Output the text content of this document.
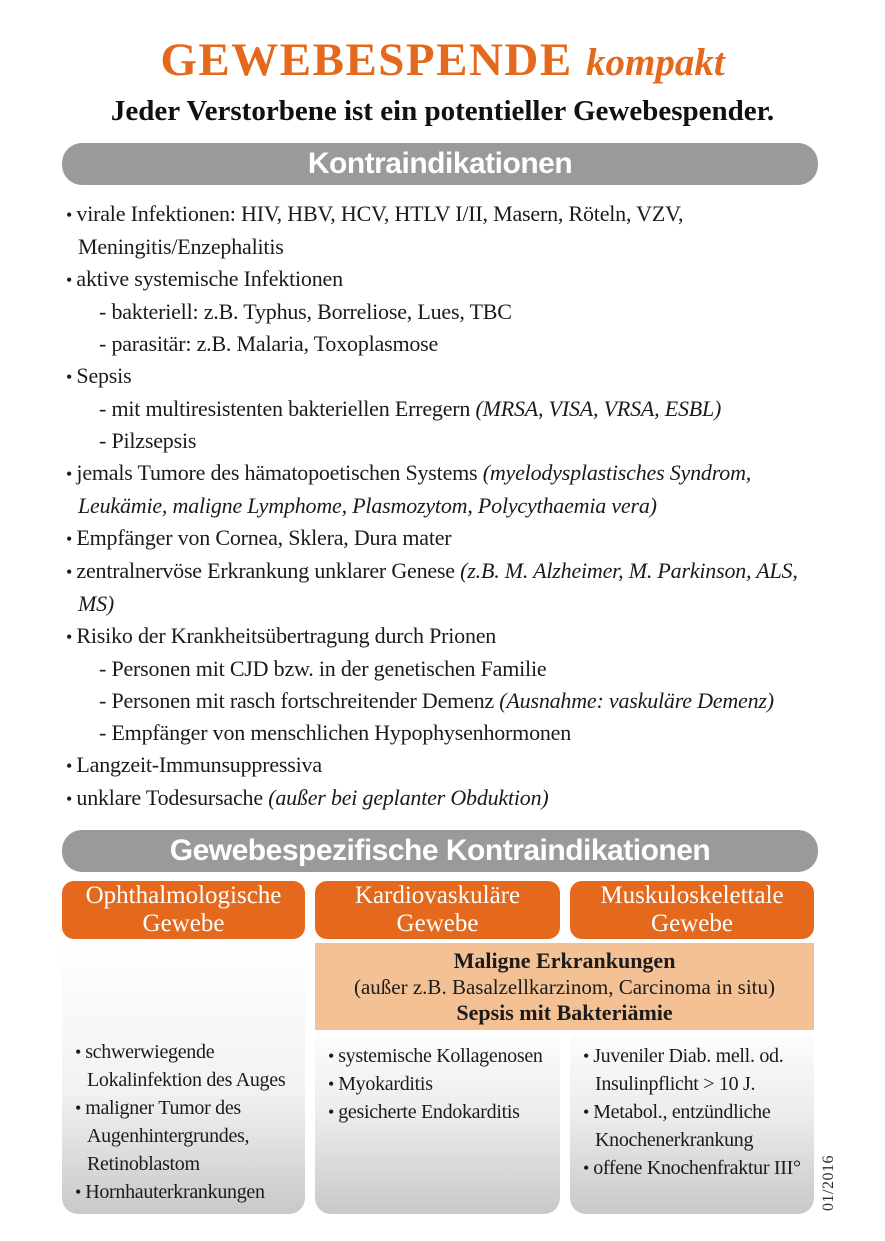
GEWEBESPENDE kompakt
Jeder Verstorbene ist ein potentieller Gewebespender.
Kontraindikationen
• virale Infektionen: HIV, HBV, HCV, HTLV I/II, Masern, Röteln, VZV, Meningitis/Enzephalitis
• aktive systemische Infektionen
- bakteriell: z.B. Typhus, Borreliose, Lues, TBC
- parasitär: z.B. Malaria, Toxoplasmose
• Sepsis
- mit multiresistenten bakteriellen Erregern (MRSA, VISA, VRSA, ESBL)
- Pilzsepsis
• jemals Tumore des hämatopoetischen Systems (myelodysplastisches Syndrom, Leukämie, maligne Lymphome, Plasmozytom, Polycythaemia vera)
• Empfänger von Cornea, Sklera, Dura mater
• zentralnervöse Erkrankung unklarer Genese (z.B. M. Alzheimer, M. Parkinson, ALS, MS)
• Risiko der Krankheitsübertragung durch Prionen
- Personen mit CJD bzw. in der genetischen Familie
- Personen mit rasch fortschreitender Demenz (Ausnahme: vaskuläre Demenz)
- Empfänger von menschlichen Hypophysenhormonen
• Langzeit-Immunsuppressiva
• unklare Todesursache (außer bei geplanter Obduktion)
Gewebespezifische Kontraindikationen
Ophthalmologische Gewebe
Kardiovaskuläre Gewebe
Muskuloskelettale Gewebe
• schwerwiegende Lokalinfektion des Auges
• maligner Tumor des Augenhintergrundes, Retinoblastom
• Hornhauterkrankungen
Maligne Erkrankungen
(außer z.B. Basalzellkarzinom, Carcinoma in situ)
Sepsis mit Bakteriämie
• systemische Kollagenosen
• Myokarditis
• gesicherte Endokarditis
• Juveniler Diab. mell. od. Insulinpflicht > 10 J.
• Metabol., entzündliche Knochenerkrankung
• offene Knochenfraktur III°	01/2016
